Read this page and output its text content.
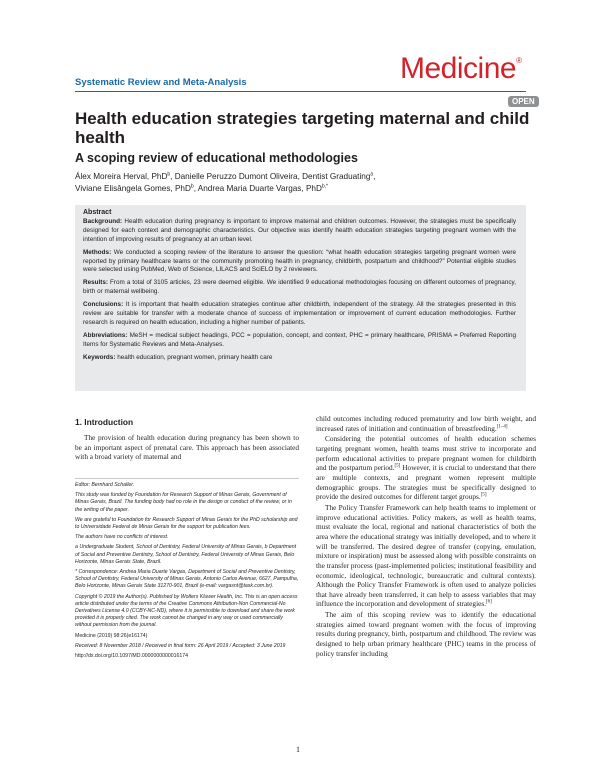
Systematic Review and Meta-Analysis	Medicine®
OPEN
Health education strategies targeting maternal and child health
A scoping review of educational methodologies
Álex Moreira Herval, PhD$^b$, Danielle Peruzzo Dumont Oliveira, Dentist Graduating$^a$,
Viviane Elisângela Gomes, PhD$^b$, Andrea Maria Duarte Vargas, PhD$^{b,*}$

Abstract

Background: Health education during pregnancy is important to improve maternal and children outcomes. However, the strategies must be specifically designed for each context and demographic characteristics. Our objective was identify health education strategies targeting pregnant women with the intention of improving results of pregnancy at an urban level.

Methods: We conducted a scoping review of the literature to answer the question: “what health education strategies targeting pregnant women were reported by primary healthcare teams or the community promoting health in pregnancy, childbirth, postpartum and childhood?” Potential eligible studies were selected using PubMed, Web of Science, LILACS and SciELO by 2 reviewers.

Results: From a total of 3105 articles, 23 were deemed eligible. We identified 9 educational methodologies focusing on different outcomes of pregnancy, birth or maternal wellbeing.

Conclusions: It is important that health education strategies continue after childbirth, independent of the strategy. All the strategies presented in this review are suitable for transfer with a moderate chance of success of implementation or improvement of current education methodologies. Further research is required on health education, including a higher number of patients.

Abbreviations: MeSH = medical subject headings, PCC = population, concept, and context, PHC = primary healthcare, PRISMA = Preferred Reporting Items for Systematic Reviews and Meta-Analyses.

Keywords: health education, pregnant women, primary health care

1. Introduction

The provision of health education during pregnancy has been shown to be an important aspect of prenatal care. This approach has been associated with a broad variety of maternal and

Editor: Bernhard Schaller.

This study was funded by Foundation for Research Support of Minas Gerais, Government of Minas Gerais, Brazil. The funding body had no role in the design or conduct of the review, or in the writing of the paper.

We are grateful to Foundation for Research Support of Minas Gerais for the PhD scholarship and to Universidade Federal de Minas Gerais for the support for publication fees.

The authors have no conflicts of interest.

a Undergraduate Student, School of Dentistry, Federal University of Minas Gerais, b Department of Social and Preventive Dentistry, School of Dentistry, Federal University of Minas Gerais, Belo Horizonte, Minas Gerais State, Brazil.

* Correspondence: Andrea Maria Duarte Vargas, Department of Social and Preventive Dentistry, School of Dentistry, Federal University of Minas Gerais, Antonio Carlos Avenue, 6627, Pampulha, Belo Horizonte, Minas Gerais State 31270-901, Brazil (e-mail: vargasnt@task.com.br).

Copyright © 2019 the Author(s). Published by Wolters Kluwer Health, Inc. This is an open access article distributed under the terms of the Creative Commons Attribution-Non Commercial-No Derivatives License 4.0 (CCBY-NC-ND), where it is permissible to download and share the work provided it is properly cited. The work cannot be changed in any way or used commercially without permission from the journal.

Medicine (2019) 98:26(e16174)

Received: 8 November 2018 / Received in final form: 26 April 2019 / Accepted: 3 June 2019

http://dx.doi.org/10.1097/MD.0000000000016174

child outcomes including reduced prematurity and low birth weight, and increased rates of initiation and continuation of breastfeeding.[1–4]

Considering the potential outcomes of health education schemes targeting pregnant women, health teams must strive to incorporate and perform educational activities to prepare pregnant women for childbirth and the postpartum period.[5] However, it is crucial to understand that there are multiple contexts, and pregnant women represent multiple demographic groups. The strategies must be specifically designed to provide the desired outcomes for different target groups.[5]

The Policy Transfer Framework can help health teams to implement or improve educational activities. Policy makers, as well as health teams, must evaluate the local, regional and national characteristics of both the area where the educational strategy was initially developed, and to where it will be transferred. The desired degree of transfer (copying, emulation, mixture or inspiration) must be assessed along with possible constraints on the transfer process (past-implemented policies; institutional feasibility and economic, ideological, technologic, bureaucratic and cultural contexts). Although the Policy Transfer Framework is often used to analyze policies that have already been transferred, it can help to assess variables that may influence the incorporation and development of strategies.[6]

The aim of this scoping review was to identify the educational strategies aimed toward pregnant women with the focus of improving results during pregnancy, birth, postpartum and childhood. The review was designed to help urban primary healthcare (PHC) teams in the process of policy transfer including

1
